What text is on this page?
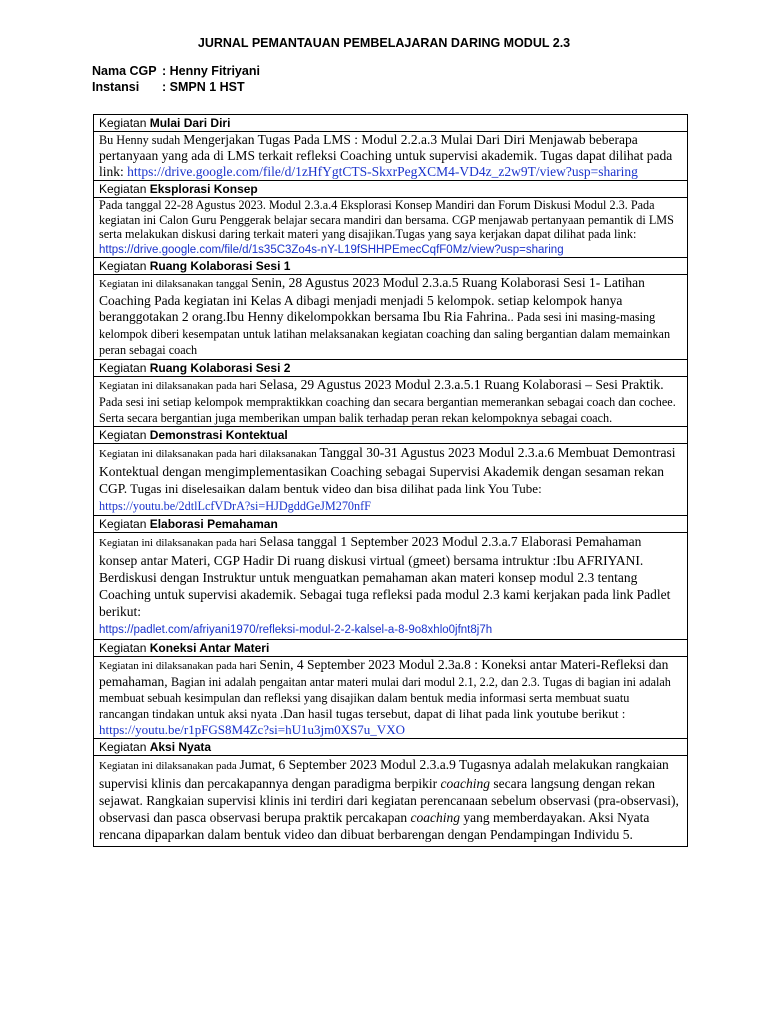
JURNAL PEMANTAUAN PEMBELAJARAN DARING MODUL 2.3
Nama CGP : Henny Fitriyani
Instansi	: SMPN 1 HST
Kegiatan Mulai Dari Diri
Bu Henny sudah Mengerjakan Tugas Pada LMS : Modul 2.2.a.3 Mulai Dari Diri Menjawab beberapa pertanyaan yang ada di LMS terkait refleksi Coaching untuk supervisi akademik. Tugas dapat dilihat pada link: https://drive.google.com/file/d/1zHfYgtCTS-SkxrPegXCM4-VD4z_z2w9T/view?usp=sharing
Kegiatan Eksplorasi Konsep
Pada tanggal 22-28 Agustus 2023. Modul 2.3.a.4 Eksplorasi Konsep Mandiri dan Forum Diskusi Modul 2.3. Pada kegiatan ini Calon Guru Penggerak belajar secara mandiri dan bersama. CGP menjawab pertanyaan pemantik di LMS serta melakukan diskusi daring terkait materi yang disajikan.Tugas yang saya kerjakan dapat dilihat pada link:
https://drive.google.com/file/d/1s35C3Zo4s-nY-L19fSHHPEmecCqfF0Mz/view?usp=sharing
Kegiatan Ruang Kolaborasi Sesi 1
Kegiatan ini dilaksanakan tanggal Senin, 28 Agustus 2023 Modul 2.3.a.5 Ruang Kolaborasi Sesi 1- Latihan Coaching Pada kegiatan ini Kelas A dibagi menjadi menjadi 5 kelompok. setiap kelompok hanya beranggotakan 2 orang.Ibu Henny dikelompokkan bersama Ibu Ria Fahrina.. Pada sesi ini masing-masing kelompok diberi kesempatan untuk latihan melaksanakan kegiatan coaching dan saling bergantian dalam memainkan peran sebagai coach
Kegiatan Ruang Kolaborasi Sesi 2
Kegiatan ini dilaksanakan pada hari Selasa, 29 Agustus 2023 Modul 2.3.a.5.1 Ruang Kolaborasi – Sesi Praktik. Pada sesi ini setiap kelompok mempraktikkan coaching dan secara bergantian memerankan sebagai coach dan cochee. Serta secara bergantian juga memberikan umpan balik terhadap peran rekan kelompoknya sebagai coach.
Kegiatan Demonstrasi Kontektual
Kegiatan ini dilaksanakan pada hari dilaksanakan Tanggal 30-31 Agustus 2023 Modul 2.3.a.6 Membuat Demontrasi Kontektual dengan mengimplementasikan Coaching sebagai Supervisi Akademik dengan sesaman rekan CGP. Tugas ini diselesaikan dalam bentuk video dan bisa dilihat pada link You Tube: https://youtu.be/2dtlLcfVDrA?si=HJDgddGeJM270nfF
Kegiatan Elaborasi Pemahaman
Kegiatan ini dilaksanakan pada hari Selasa tanggal 1 September 2023 Modul 2.3.a.7 Elaborasi Pemahaman konsep antar Materi, CGP Hadir Di ruang diskusi virtual (gmeet) bersama intruktur :Ibu AFRIYANI. Berdiskusi dengan Instruktur untuk menguatkan pemahaman akan materi konsep modul 2.3 tentang Coaching untuk supervisi akademik. Sebagai tuga refleksi pada modul 2.3 kami kerjakan pada link Padlet berikut:
https://padlet.com/afriyani1970/refleksi-modul-2-2-kalsel-a-8-9o8xhlo0jfnt8j7h
Kegiatan Koneksi Antar Materi
Kegiatan ini dilaksanakan pada hari Senin, 4 September 2023 Modul 2.3a.8 : Koneksi antar Materi-Refleksi dan pemahaman, Bagian ini adalah pengaitan antar materi mulai dari modul 2.1, 2.2, dan 2.3. Tugas di bagian ini adalah membuat sebuah kesimpulan dan refleksi yang disajikan dalam bentuk media informasi serta membuat suatu rancangan tindakan untuk aksi nyata .Dan hasil tugas tersebut, dapat di lihat pada link youtube berikut : https://youtu.be/r1pFGS8M4Zc?si=hU1u3jm0XS7u_VXO
Kegiatan Aksi Nyata
Kegiatan ini dilaksanakan pada Jumat, 6 September 2023 Modul 2.3.a.9 Tugasnya adalah melakukan rangkaian supervisi klinis dan percakapannya dengan paradigma berpikir coaching secara langsung dengan rekan sejawat. Rangkaian supervisi klinis ini terdiri dari kegiatan perencanaan sebelum observasi (pra-observasi), observasi dan pasca observasi berupa praktik percakapan coaching yang memberdayakan. Aksi Nyata rencana dipaparkan dalam bentuk video dan dibuat berbarengan dengan Pendampingan Individu 5.
